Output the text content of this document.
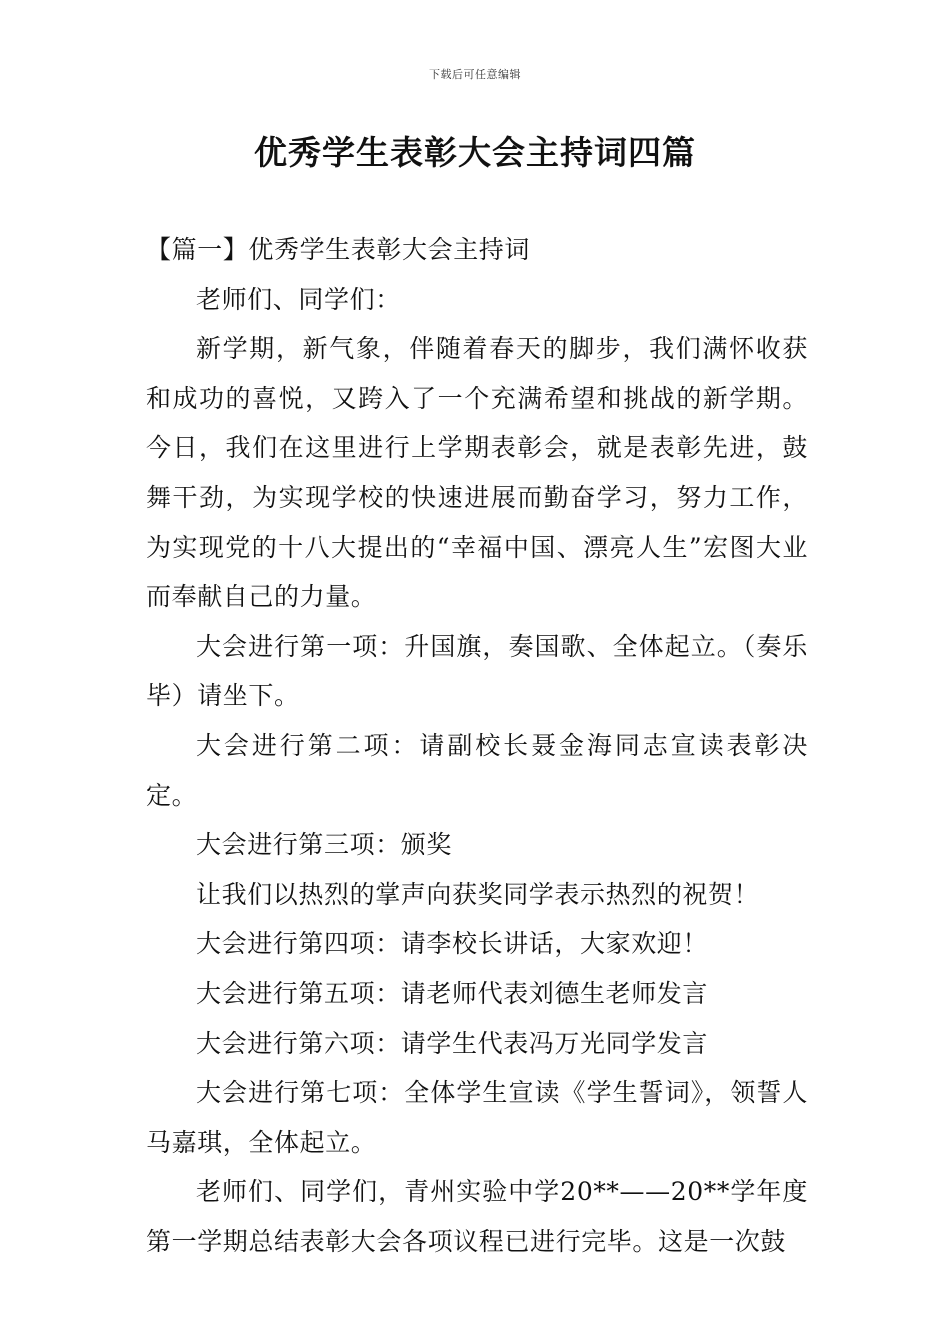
下载后可任意编辑
优秀学生表彰大会主持词四篇

【篇一】优秀学生表彰大会主持词

老师们、同学们：

新学期，新气象，伴随着春天的脚步，我们满怀收获和成功的喜悦，又跨入了一个充满希望和挑战的新学期。今日，我们在这里进行上学期表彰会，就是表彰先进，鼓舞干劲，为实现学校的快速进展而勤奋学习，努力工作，为实现党的十八大提出的“幸福中国、漂亮人生”宏图大业而奉献自己的力量。

大会进行第一项：升国旗，奏国歌、全体起立。（奏乐毕）请坐下。

大会进行第二项：请副校长聂金海同志宣读表彰决定。

大会进行第三项：颁奖

让我们以热烈的掌声向获奖同学表示热烈的祝贺！

大会进行第四项：请李校长讲话，大家欢迎！

大会进行第五项：请老师代表刘德生老师发言

大会进行第六项：请学生代表冯万光同学发言

大会进行第七项：全体学生宣读《学生誓词》，领誓人马嘉琪，全体起立。

老师们、同学们，青州实验中学20**——20**学年度第一学期总结表彰大会各项议程已进行完毕。这是一次鼓
